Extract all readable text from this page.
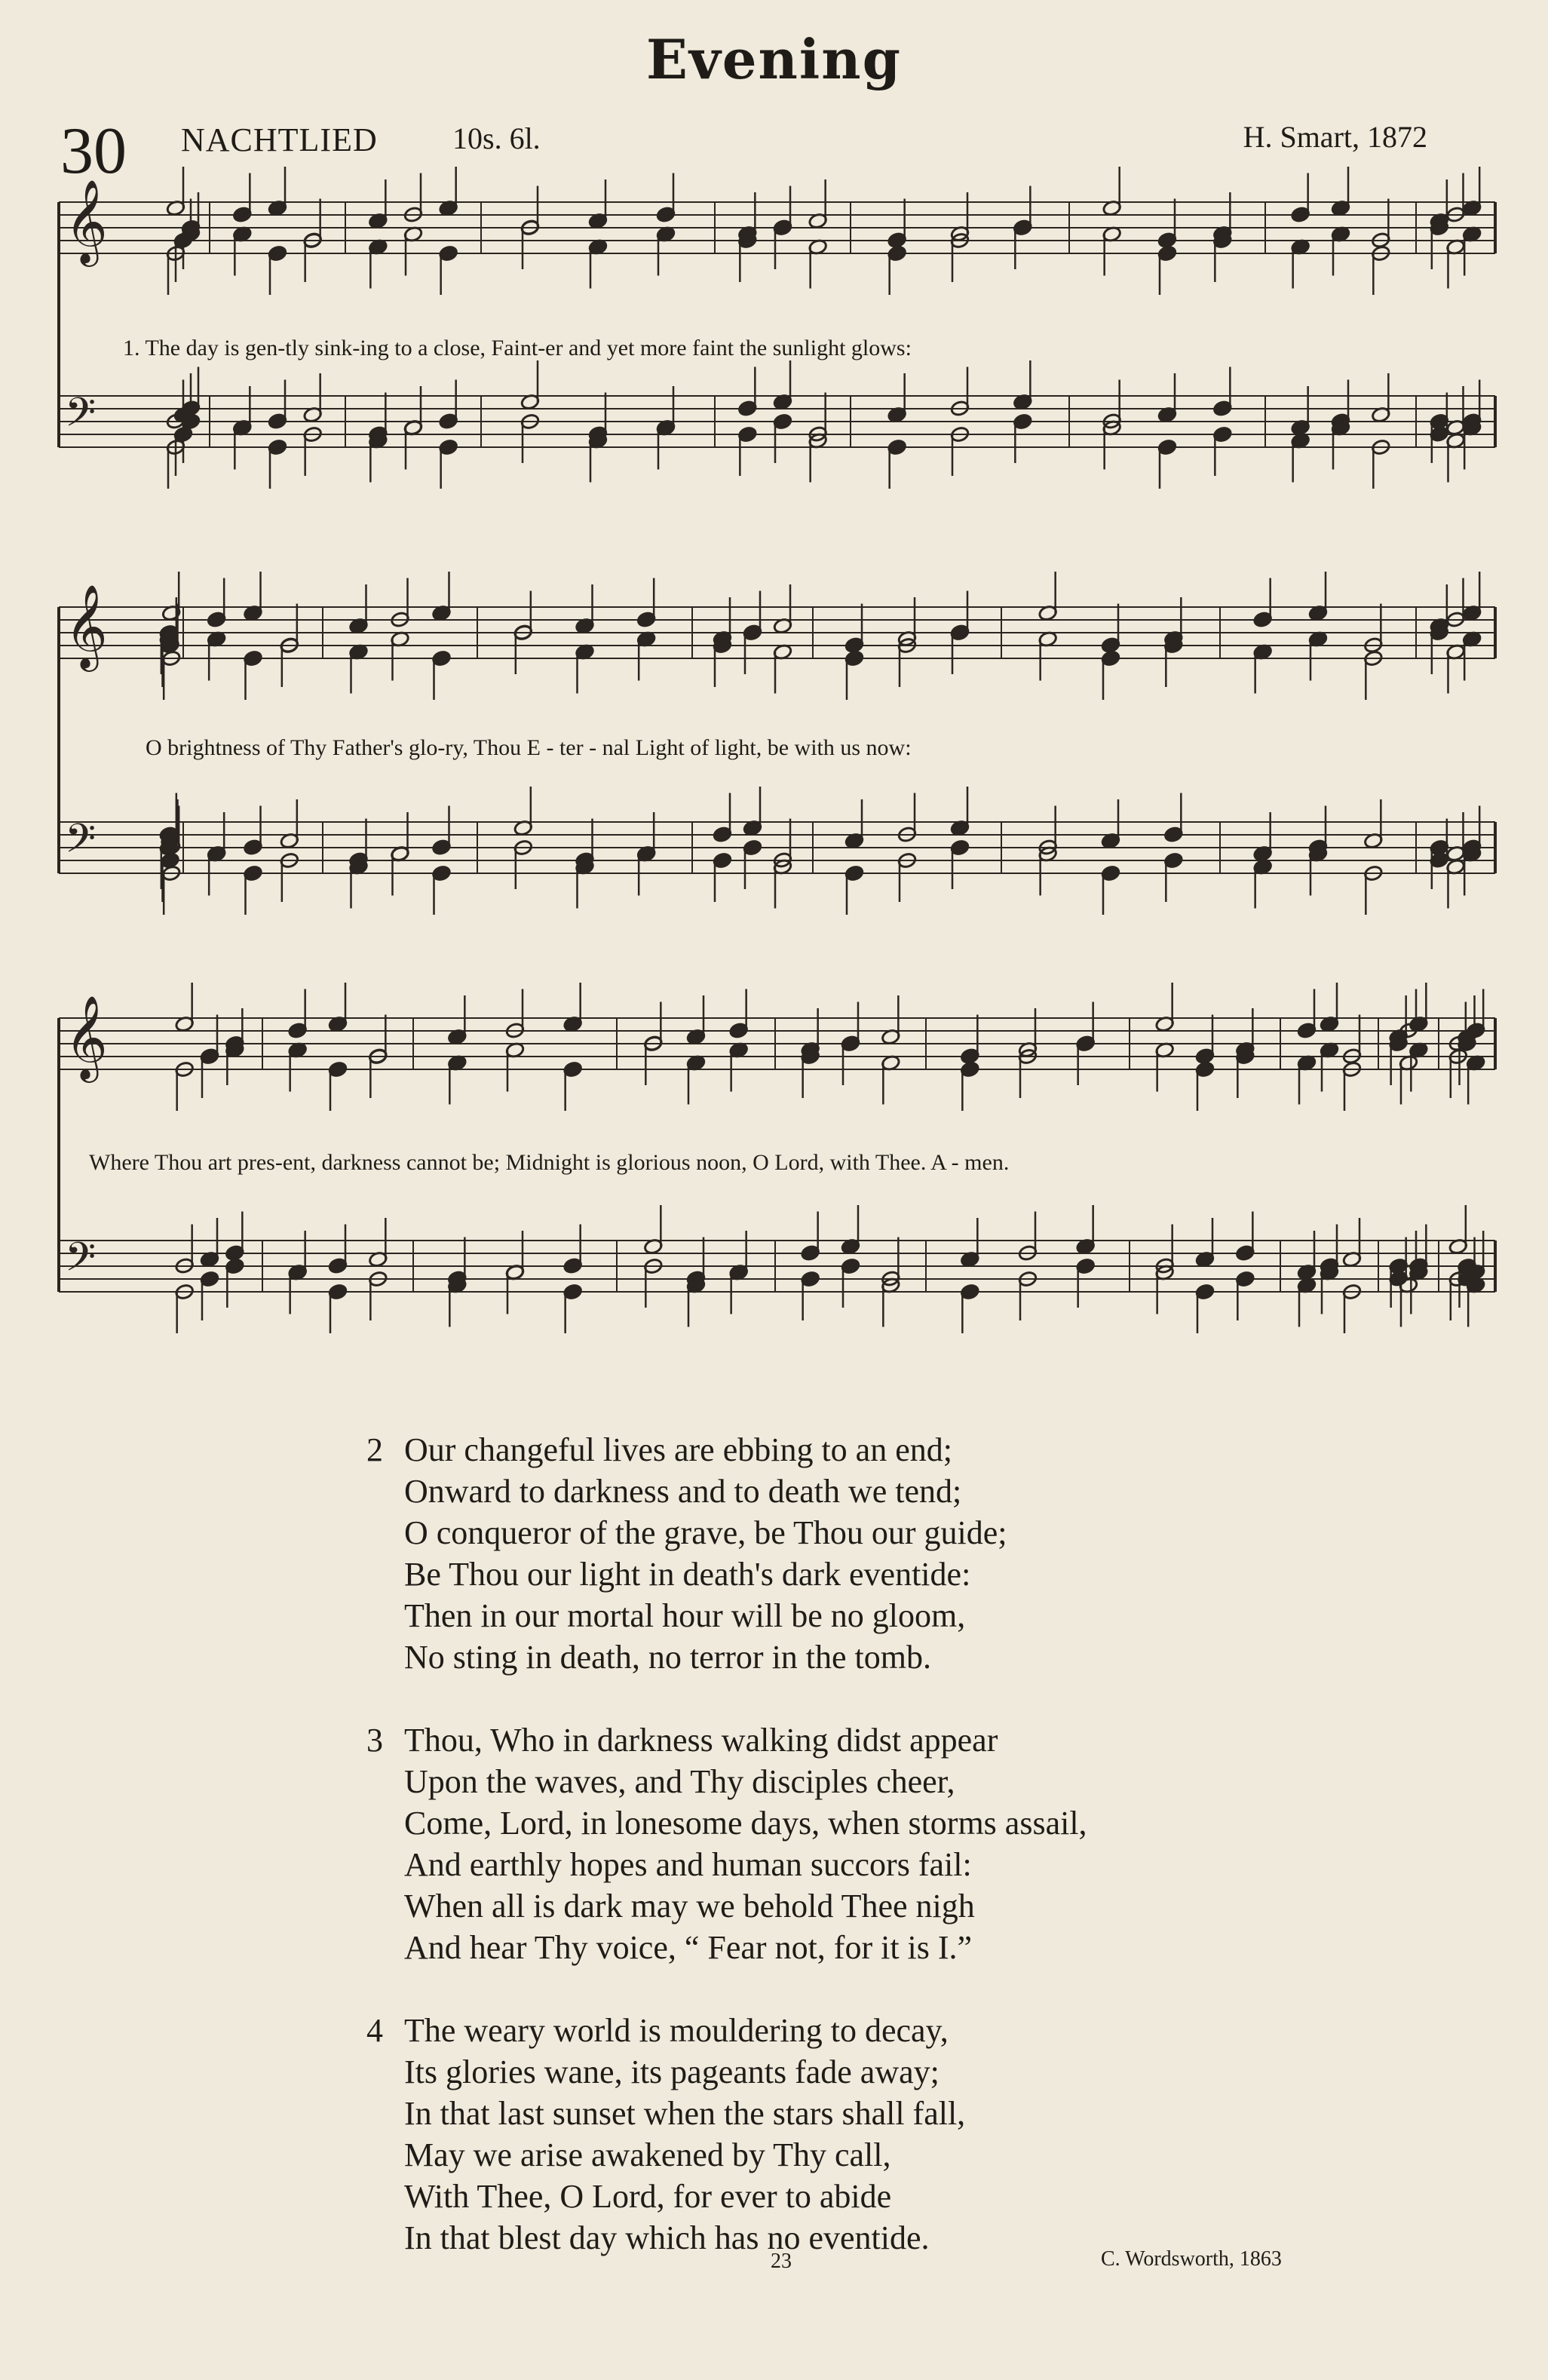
Evening
30 NACHTLIED 10s. 6l.	H. Smart, 1872
𝄞
𝄢
1. The day is gen-tly sink-ing to a close, Faint-er and yet more faint the sunlight glows:
𝄞
𝄢
O brightness of Thy Father's glo-ry, Thou E - ter - nal Light of light, be with us now:
𝄞
𝄢
Where Thou art pres-ent, darkness cannot be; Midnight is glorious noon, O Lord, with Thee. A - men.
2 Our changeful lives are ebbing to an end;
Onward to darkness and to death we tend;
O conqueror of the grave, be Thou our guide;
Be Thou our light in death's dark eventide:
Then in our mortal hour will be no gloom,
No sting in death, no terror in the tomb.
3 Thou, Who in darkness walking didst appear
Upon the waves, and Thy disciples cheer,
Come, Lord, in lonesome days, when storms assail,
And earthly hopes and human succors fail:
When all is dark may we behold Thee nigh
And hear Thy voice, “ Fear not, for it is I.”
4 The weary world is mouldering to decay,
Its glories wane, its pageants fade away;
In that last sunset when the stars shall fall,
May we arise awakened by Thy call,
With Thee, O Lord, for ever to abide
In that blest day which has no eventide.
23	C. Wordsworth, 1863
